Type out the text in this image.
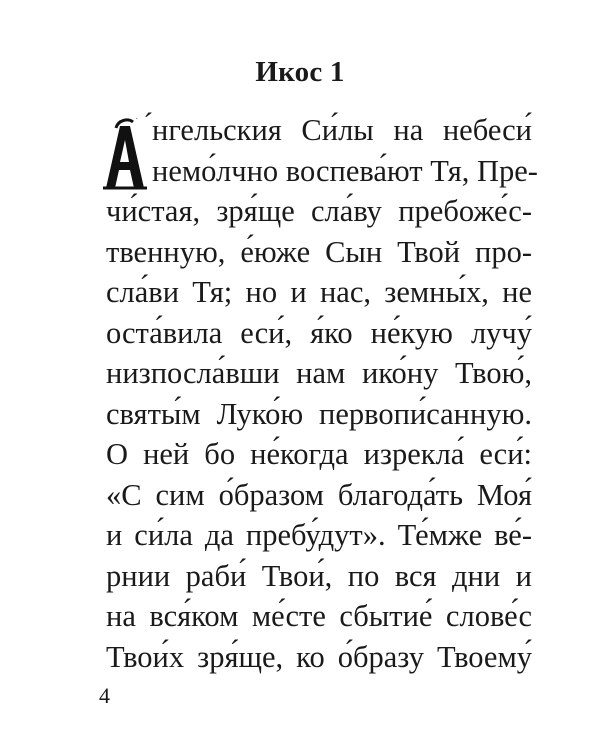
Икос 1
́нгельския Си́лы на небеси́
немо́лчно воспева́ют Тя, Пре-
чи́стая, зря́ще сла́ву пребоже́с-
твенную, е́юже Сын Твой про-
сла́ви Тя; но и нас, земны́х, не
оста́вила еси́, я́ко не́кую лучу́
низпосла́вши нам ико́ну Твою́,
святы́м Луко́ю первопи́санную.
О ней бо не́когда изрекла́ еси́:
«С сим о́бразом благода́ть Моя́
и си́ла да пребу́дут». Те́мже ве́-
рнии раби́ Твои́, по вся дни и
на вся́ком ме́сте сбытие́ слове́с
Твои́х зря́ще, ко о́бразу Твоему́
4
